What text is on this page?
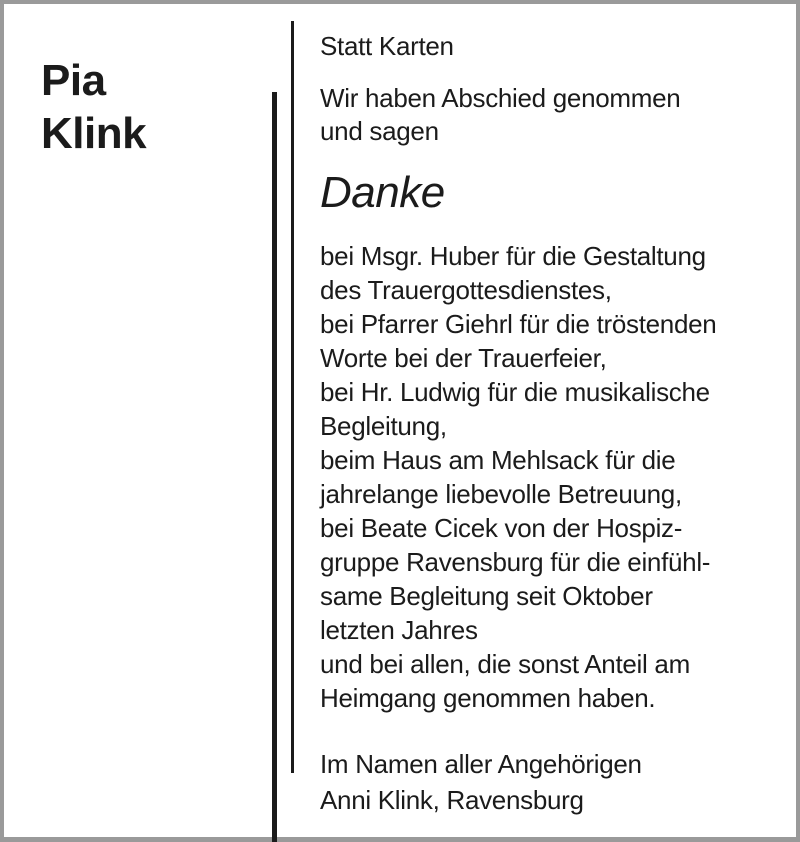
Pia
Klink

Statt Karten

Wir haben Abschied genommen
und sagen

Danke

bei Msgr. Huber für die Gestaltung
des Trauergottesdienstes,
bei Pfarrer Giehrl für die tröstenden
Worte bei der Trauerfeier,
bei Hr. Ludwig für die musikalische
Begleitung,
beim Haus am Mehlsack für die
jahrelange liebevolle Betreuung,
bei Beate Cicek von der Hospiz-
gruppe Ravensburg für die einfühl-
same Begleitung seit Oktober
letzten Jahres
und bei allen, die sonst Anteil am
Heimgang genommen haben.

Im Namen aller Angehörigen
Anni Klink, Ravensburg
